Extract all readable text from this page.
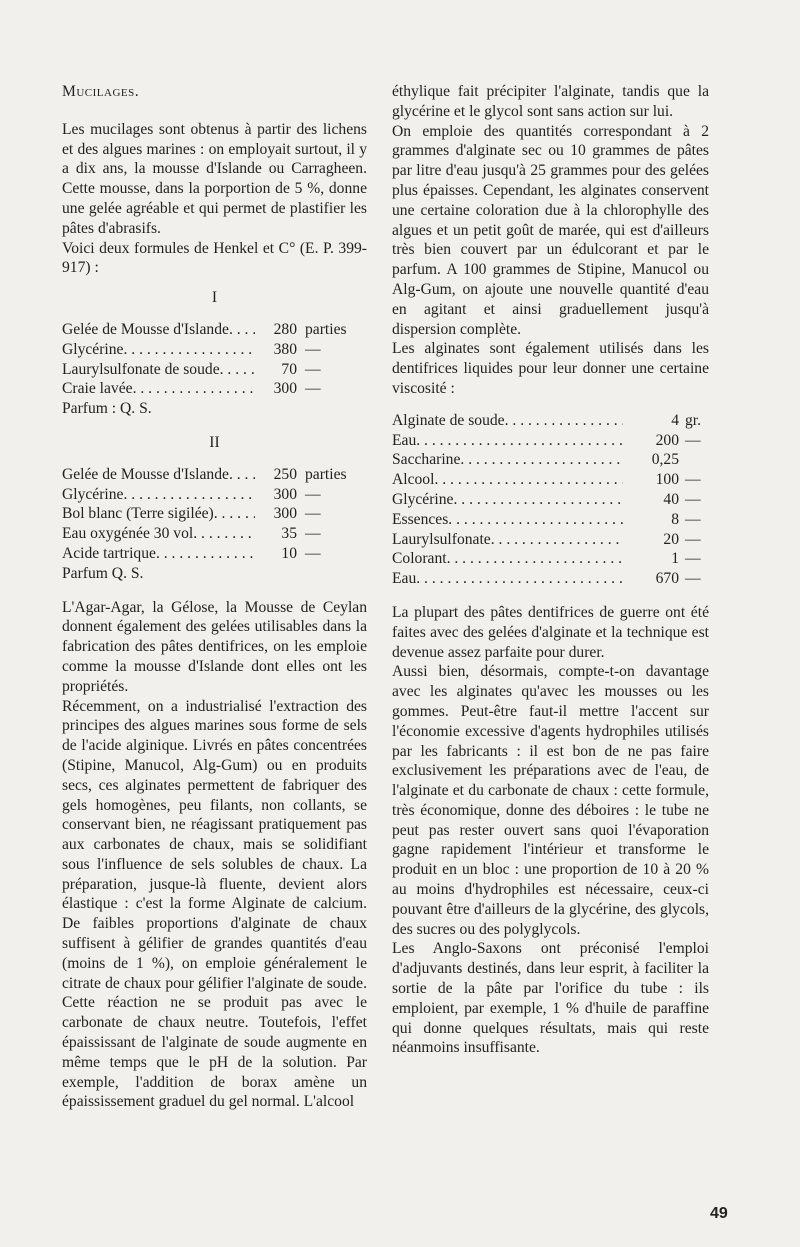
Mucilages.

Les mucilages sont obtenus à partir des lichens et des algues marines : on employait surtout, il y a dix ans, la mousse d'Islande ou Carragheen. Cette mousse, dans la porportion de 5 %, donne une gelée agréable et qui permet de plastifier les pâtes d'abrasifs.

Voici deux formules de Henkel et C° (E. P. 399-917) :

I

Gelée de Mousse d'Islande . . .	280 parties
Glycérine . . .	380 —
Laurylsulfonate de soude . . .	70 —
Craie lavée . . .	300 —
Parfum : Q. S.

II

Gelée de Mousse d'Islande . . .	250 parties
Glycérine . . .	300 —
Bol blanc (Terre sigilée) . . .	300 —
Eau oxygénée 30 vol . . .	35 —
Acide tartrique . . .	10 —
Parfum Q. S.

L'Agar-Agar, la Gélose, la Mousse de Ceylan donnent également des gelées utilisables dans la fabrication des pâtes dentifrices, on les emploie comme la mousse d'Islande dont elles ont les propriétés.

Récemment, on a industrialisé l'extraction des principes des algues marines sous forme de sels de l'acide alginique. Livrés en pâtes concentrées (Stipine, Manucol, Alg-Gum) ou en produits secs, ces alginates permettent de fabriquer des gels homogènes, peu filants, non collants, se conservant bien, ne réagissant pratiquement pas aux carbonates de chaux, mais se solidifiant sous l'influence de sels solubles de chaux. La préparation, jusque-là fluente, devient alors élastique : c'est la forme Alginate de calcium. De faibles proportions d'alginate de chaux suffisent à gélifier de grandes quantités d'eau (moins de 1 %), on emploie généralement le citrate de chaux pour gélifier l'alginate de soude. Cette réaction ne se produit pas avec le carbonate de chaux neutre. Toutefois, l'effet épaississant de l'alginate de soude augmente en même temps que le pH de la solution. Par exemple, l'addition de borax amène un épaississement graduel du gel normal. L'alcool

éthylique fait précipiter l'alginate, tandis que la glycérine et le glycol sont sans action sur lui.

On emploie des quantités correspondant à 2 grammes d'alginate sec ou 10 grammes de pâtes par litre d'eau jusqu'à 25 grammes pour des gelées plus épaisses. Cependant, les alginates conservent une certaine coloration due à la chlorophylle des algues et un petit goût de marée, qui est d'ailleurs très bien couvert par un édulcorant et par le parfum. A 100 grammes de Stipine, Manucol ou Alg-Gum, on ajoute une nouvelle quantité d'eau en agitant et ainsi graduellement jusqu'à dispersion complète.

Les alginates sont également utilisés dans les dentifrices liquides pour leur donner une certaine viscosité :

Alginate de soude . . .	4 gr.
Eau . . .	200 —
Saccharine . . .	0,25
Alcool . . .	100 —
Glycérine . . .	40 —
Essences . . .	8 —
Laurylsulfonate . . .	20 —
Colorant . . .	1 —
Eau . . .	670 —

La plupart des pâtes dentifrices de guerre ont été faites avec des gelées d'alginate et la technique est devenue assez parfaite pour durer.

Aussi bien, désormais, compte-t-on davantage avec les alginates qu'avec les mousses ou les gommes. Peut-être faut-il mettre l'accent sur l'économie excessive d'agents hydrophiles utilisés par les fabricants : il est bon de ne pas faire exclusivement les préparations avec de l'eau, de l'alginate et du carbonate de chaux : cette formule, très économique, donne des déboires : le tube ne peut pas rester ouvert sans quoi l'évaporation gagne rapidement l'intérieur et transforme le produit en un bloc : une proportion de 10 à 20 % au moins d'hydrophiles est nécessaire, ceux-ci pouvant être d'ailleurs de la glycérine, des glycols, des sucres ou des polyglycols.

Les Anglo-Saxons ont préconisé l'emploi d'adjuvants destinés, dans leur esprit, à faciliter la sortie de la pâte par l'orifice du tube : ils emploient, par exemple, 1 % d'huile de paraffine qui donne quelques résultats, mais qui reste néanmoins insuffisante.

49
